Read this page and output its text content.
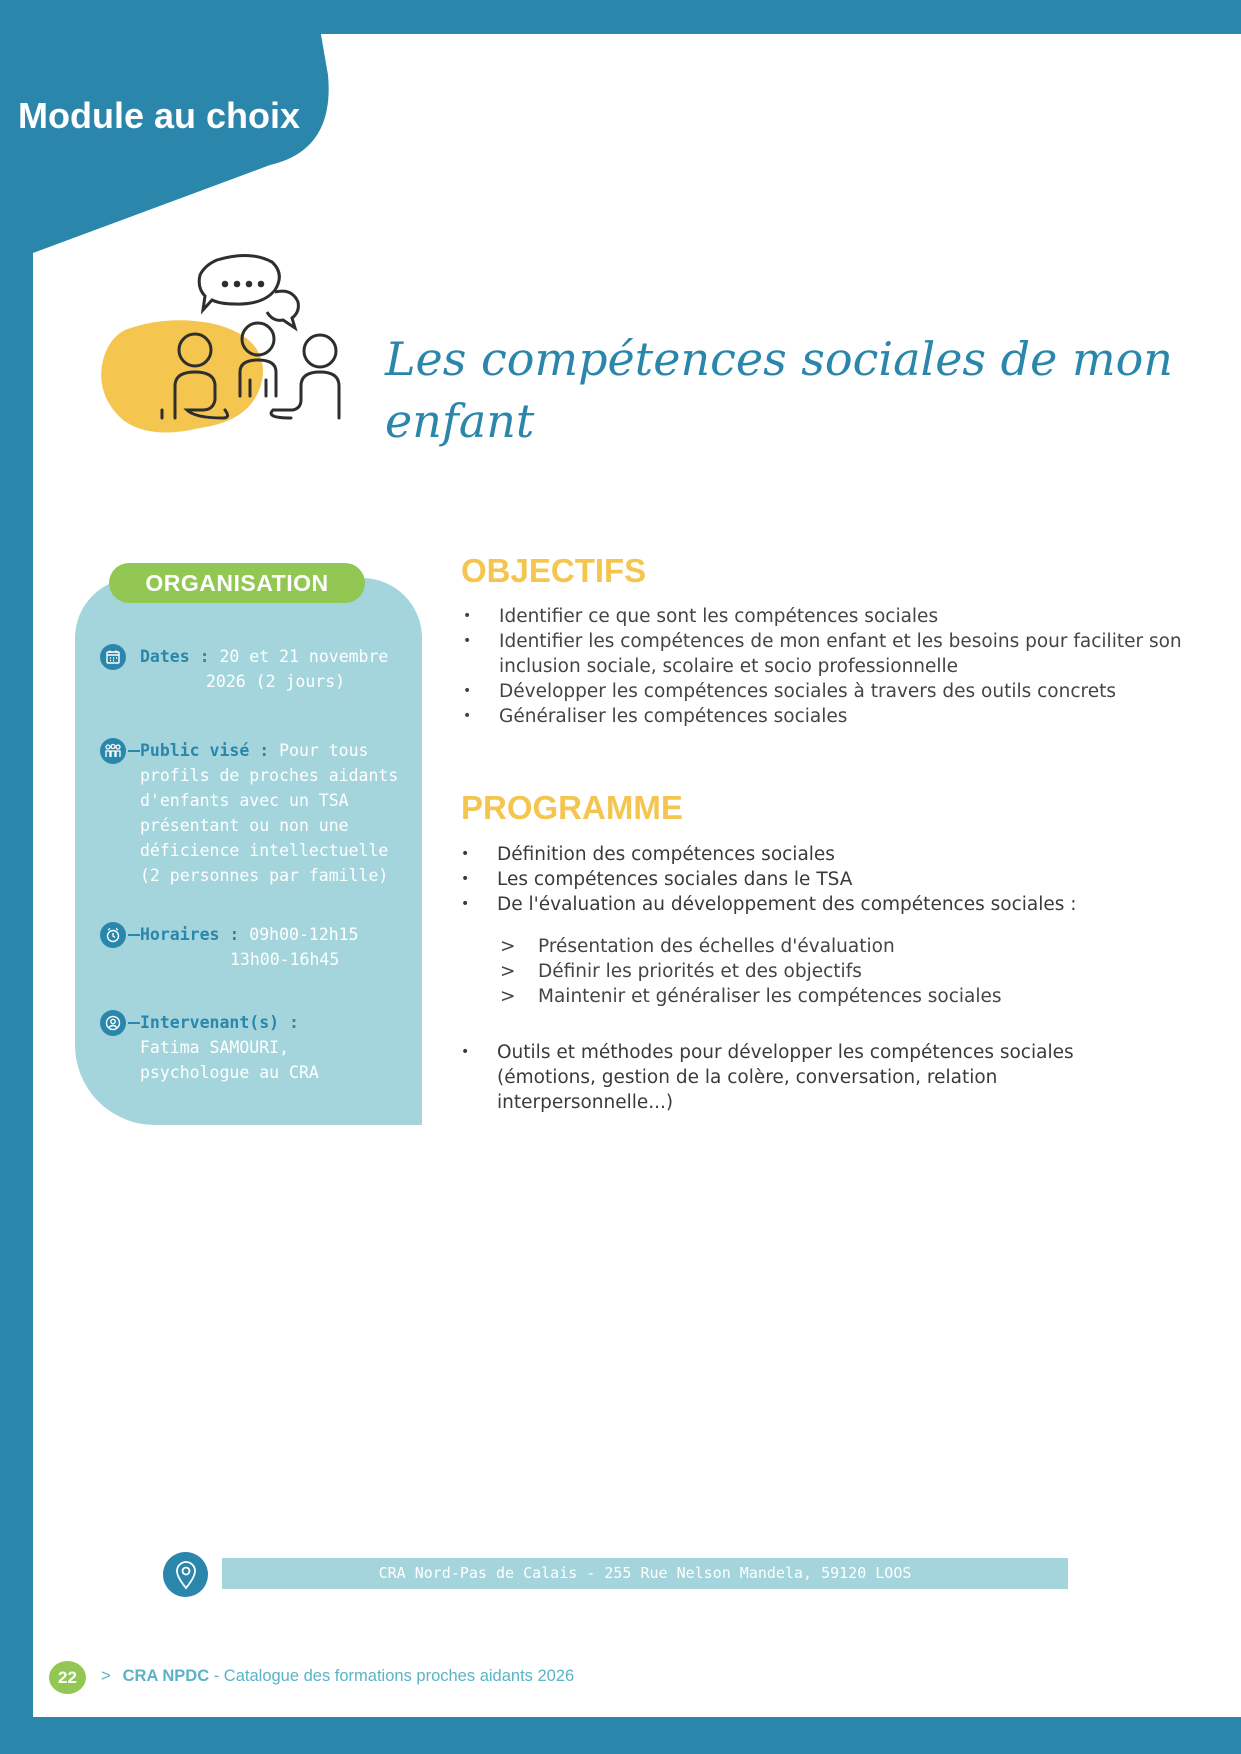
Module au choix
Les compétences sociales de mon
enfant
ORGANISATION
Dates : 20 et 21 novembre
2026 (2 jours)
Public visé : Pour tous
profils de proches aidants
d'enfants avec un TSA
présentant ou non une
déficience intellectuelle
(2 personnes par famille)
Horaires : 09h00-12h15
13h00-16h45
Intervenant(s) :
Fatima SAMOURI,
psychologue au CRA
OBJECTIFS
• Identifier ce que sont les compétences sociales
• Identifier les compétences de mon enfant et les besoins pour faciliter son inclusion sociale, scolaire et socio professionnelle
• Développer les compétences sociales à travers des outils concrets
• Généraliser les compétences sociales
PROGRAMME
• Définition des compétences sociales
• Les compétences sociales dans le TSA
• De l'évaluation au développement des compétences sociales :
> Présentation des échelles d'évaluation
> Définir les priorités et des objectifs
> Maintenir et généraliser les compétences sociales
• Outils et méthodes pour développer les compétences sociales (émotions, gestion de la colère, conversation, relation interpersonnelle...)
CRA Nord-Pas de Calais - 255 Rue Nelson Mandela, 59120 LOOS
22	> CRA NPDC - Catalogue des formations proches aidants 2026
